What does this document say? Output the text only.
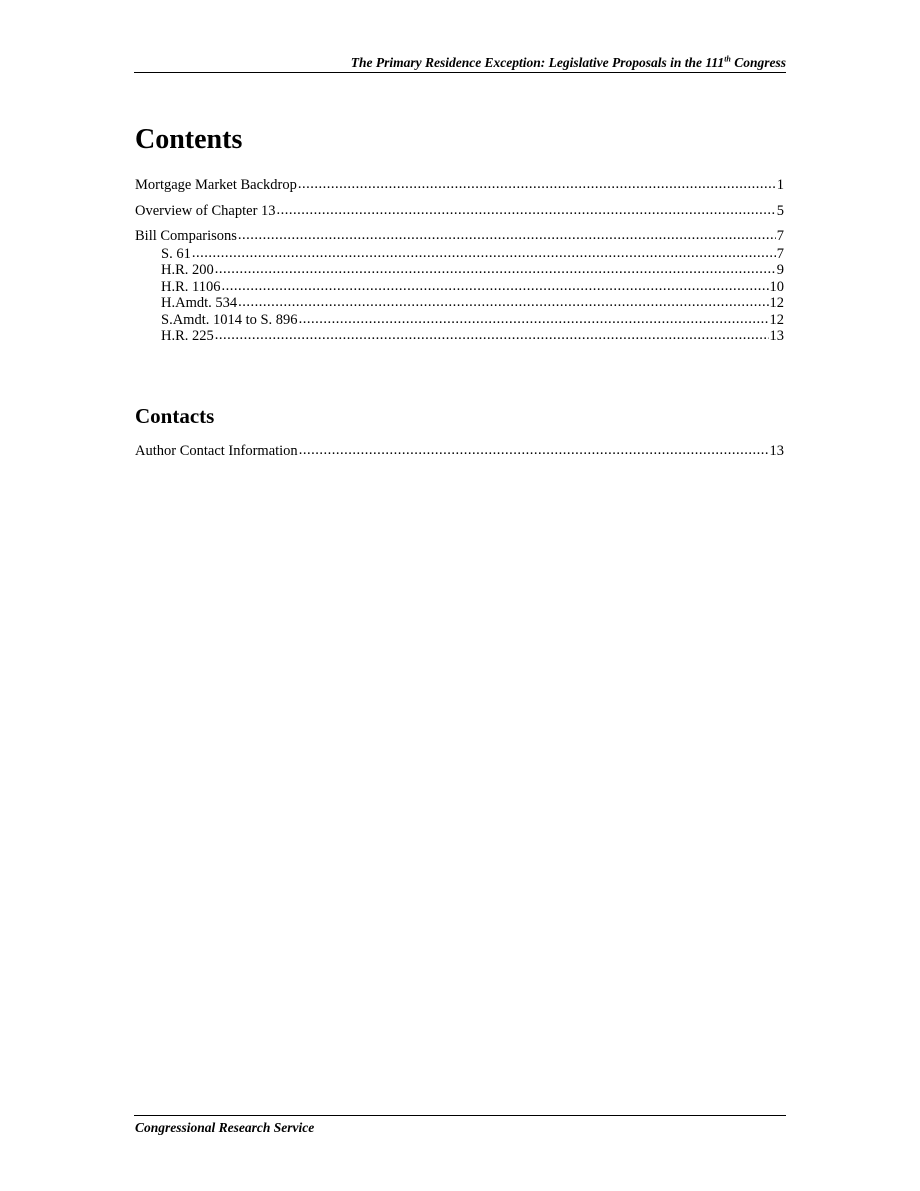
The Primary Residence Exception: Legislative Proposals in the 111th Congress
Contents
Mortgage Market Backdrop .....	1
Overview of Chapter 13 .....	5
Bill Comparisons .....	7
S. 61 .....	7
H.R. 200 .....	9
H.R. 1106 .....	10
H.Amdt. 534 .....	12
S.Amdt. 1014 to S. 896 .....	12
H.R. 225 .....	13
Contacts
Author Contact Information .....	13
Congressional Research Service
